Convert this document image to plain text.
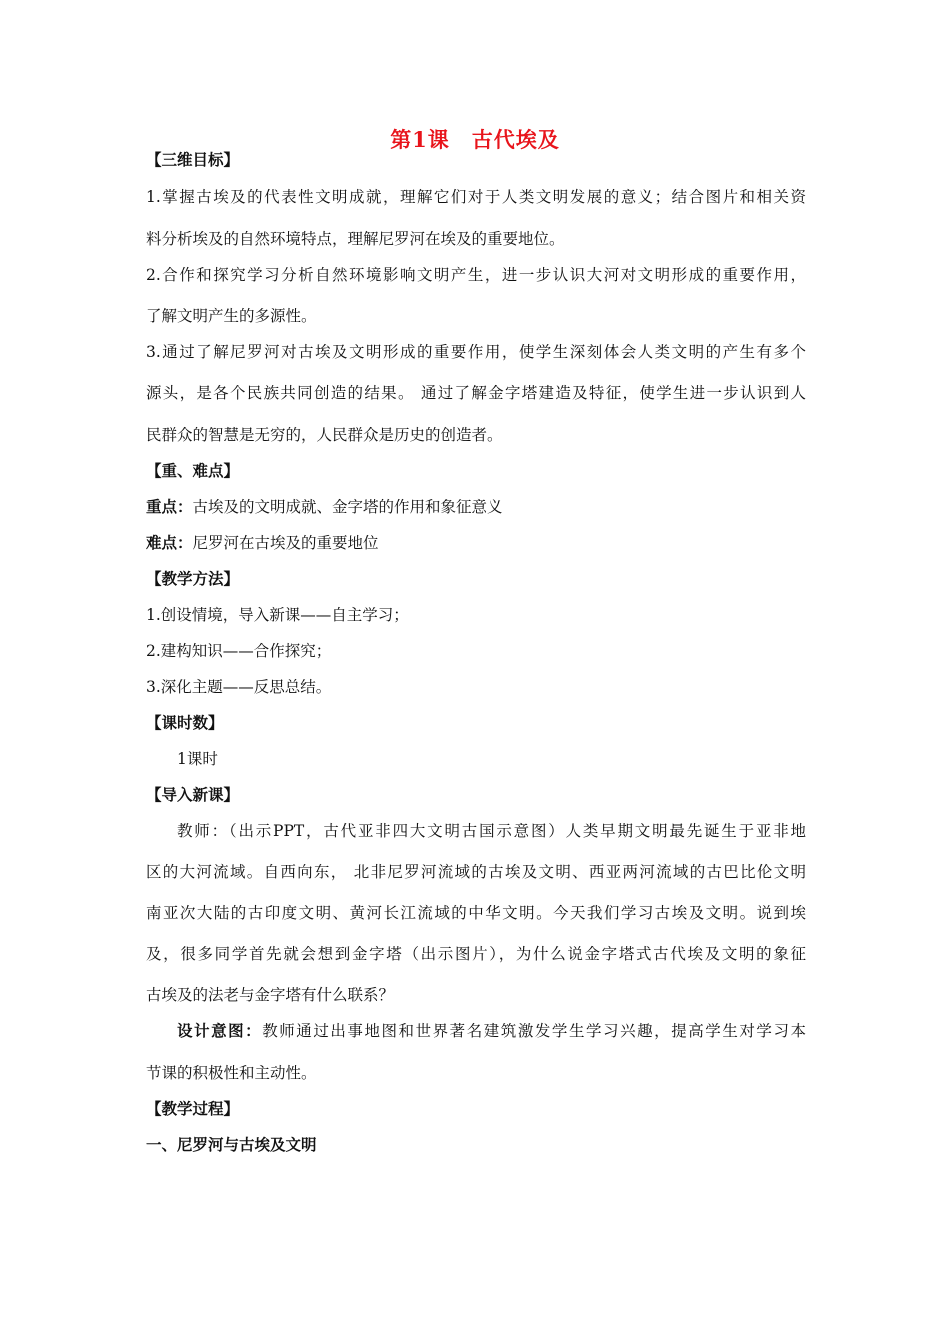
第1课　古代埃及
【三维目标】
1.掌握古埃及的代表性文明成就，理解它们对于人类文明发展的意义；结合图片和相关资
料分析埃及的自然环境特点，理解尼罗河在埃及的重要地位。
2.合作和探究学习分析自然环境影响文明产生，进一步认识大河对文明形成的重要作用，
了解文明产生的多源性。
3.通过了解尼罗河对古埃及文明形成的重要作用，使学生深刻体会人类文明的产生有多个
源头，是各个民族共同创造的结果。 通过了解金字塔建造及特征，使学生进一步认识到人
民群众的智慧是无穷的，人民群众是历史的创造者。
【重、难点】
重点：古埃及的文明成就、金字塔的作用和象征意义
难点：尼罗河在古埃及的重要地位
【教学方法】
1.创设情境，导入新课——自主学习；
2.建构知识——合作探究；
3.深化主题——反思总结。
【课时数】
1课时
【导入新课】
教师：（出示PPT，古代亚非四大文明古国示意图）人类早期文明最先诞生于亚非地
区的大河流域。自西向东， 北非尼罗河流域的古埃及文明、西亚两河流域的古巴比伦文明
南亚次大陆的古印度文明、黄河长江流域的中华文明。今天我们学习古埃及文明。说到埃
及，很多同学首先就会想到金字塔（出示图片），为什么说金字塔式古代埃及文明的象征
古埃及的法老与金字塔有什么联系？
设计意图：教师通过出事地图和世界著名建筑激发学生学习兴趣，提高学生对学习本
节课的积极性和主动性。
【教学过程】
一、尼罗河与古埃及文明
